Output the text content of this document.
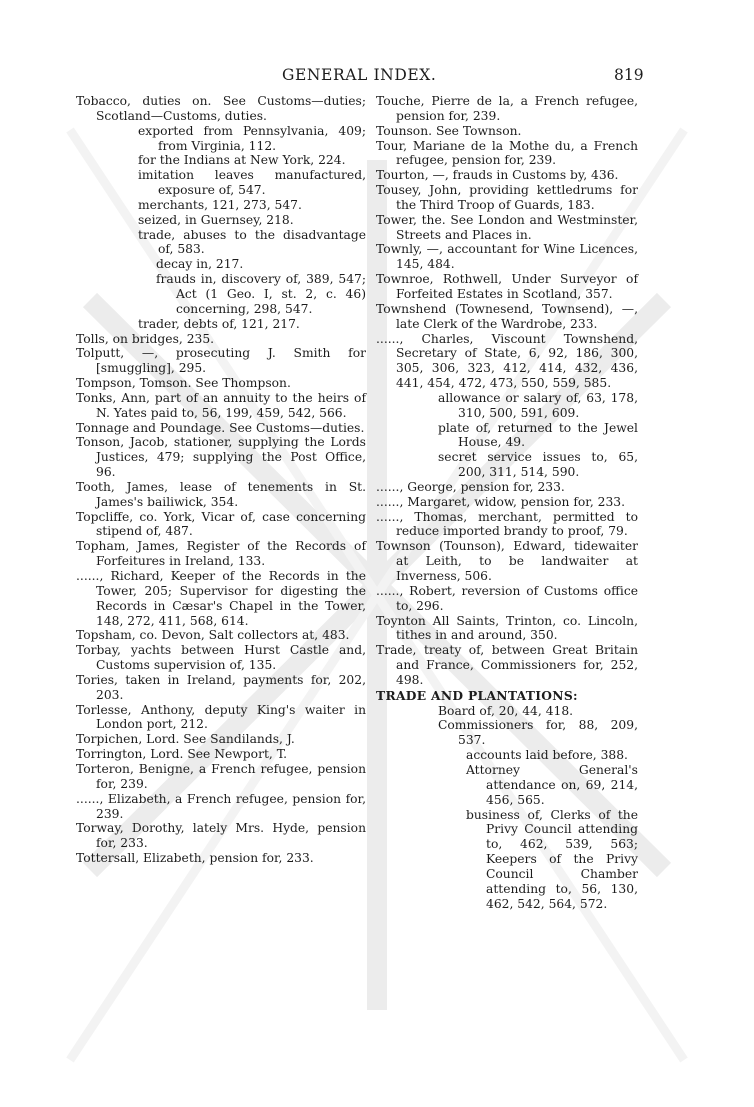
GENERAL INDEX.	819

Tobacco, duties on. See Customs—duties; Scotland—Customs, duties.

exported from Pennsylvania, 409; from Virginia, 112.

for the Indians at New York, 224.

imitation leaves manufactured, exposure of, 547.

merchants, 121, 273, 547.

seized, in Guernsey, 218.

trade, abuses to the disadvantage of, 583.

decay in, 217.

frauds in, discovery of, 389, 547; Act (1 Geo. I, st. 2, c. 46) concerning, 298, 547.

trader, debts of, 121, 217.

Tolls, on bridges, 235.

Tolputt, —, prosecuting J. Smith for [smuggling], 295.

Tompson, Tomson. See Thompson.

Tonks, Ann, part of an annuity to the heirs of N. Yates paid to, 56, 199, 459, 542, 566.

Tonnage and Poundage. See Customs—duties.

Tonson, Jacob, stationer, supplying the Lords Justices, 479; supplying the Post Office, 96.

Tooth, James, lease of tenements in St. James's bailiwick, 354.

Topcliffe, co. York, Vicar of, case concerning stipend of, 487.

Topham, James, Register of the Records of Forfeitures in Ireland, 133.

......, Richard, Keeper of the Records in the Tower, 205; Supervisor for digesting the Records in Cæsar's Chapel in the Tower, 148, 272, 411, 568, 614.

Topsham, co. Devon, Salt collectors at, 483.

Torbay, yachts between Hurst Castle and, Customs supervision of, 135.

Tories, taken in Ireland, payments for, 202, 203.

Torlesse, Anthony, deputy King's waiter in London port, 212.

Torpichen, Lord. See Sandilands, J.

Torrington, Lord. See Newport, T.

Torteron, Benigne, a French refugee, pension for, 239.

......, Elizabeth, a French refugee, pension for, 239.

Torway, Dorothy, lately Mrs. Hyde, pension for, 233.

Tottersall, Elizabeth, pension for, 233.

Touche, Pierre de la, a French refugee, pension for, 239.

Tounson. See Townson.

Tour, Mariane de la Mothe du, a French refugee, pension for, 239.

Tourton, —, frauds in Customs by, 436.

Tousey, John, providing kettledrums for the Third Troop of Guards, 183.

Tower, the. See London and Westminster, Streets and Places in.

Townly, —, accountant for Wine Licences, 145, 484.

Townroe, Rothwell, Under Surveyor of Forfeited Estates in Scotland, 357.

Townshend (Townesend, Townsend), —, late Clerk of the Wardrobe, 233.

......, Charles, Viscount Townshend, Secretary of State, 6, 92, 186, 300, 305, 306, 323, 412, 414, 432, 436, 441, 454, 472, 473, 550, 559, 585.

allowance or salary of, 63, 178, 310, 500, 591, 609.

plate of, returned to the Jewel House, 49.

secret service issues to, 65, 200, 311, 514, 590.

......, George, pension for, 233.

......, Margaret, widow, pension for, 233.

......, Thomas, merchant, permitted to reduce imported brandy to proof, 79.

Townson (Tounson), Edward, tidewaiter at Leith, to be landwaiter at Inverness, 506.

......, Robert, reversion of Customs office to, 296.

Toynton All Saints, Trinton, co. Lincoln, tithes in and around, 350.

Trade, treaty of, between Great Britain and France, Commissioners for, 252, 498.

TRADE AND PLANTATIONS:

Board of, 20, 44, 418.

Commissioners for, 88, 209, 537.

accounts laid before, 388.

Attorney General's attendance on, 69, 214, 456, 565.

business of, Clerks of the Privy Council attending to, 462, 539, 563; Keepers of the Privy Council Chamber attending to, 56, 130, 462, 542, 564, 572.
